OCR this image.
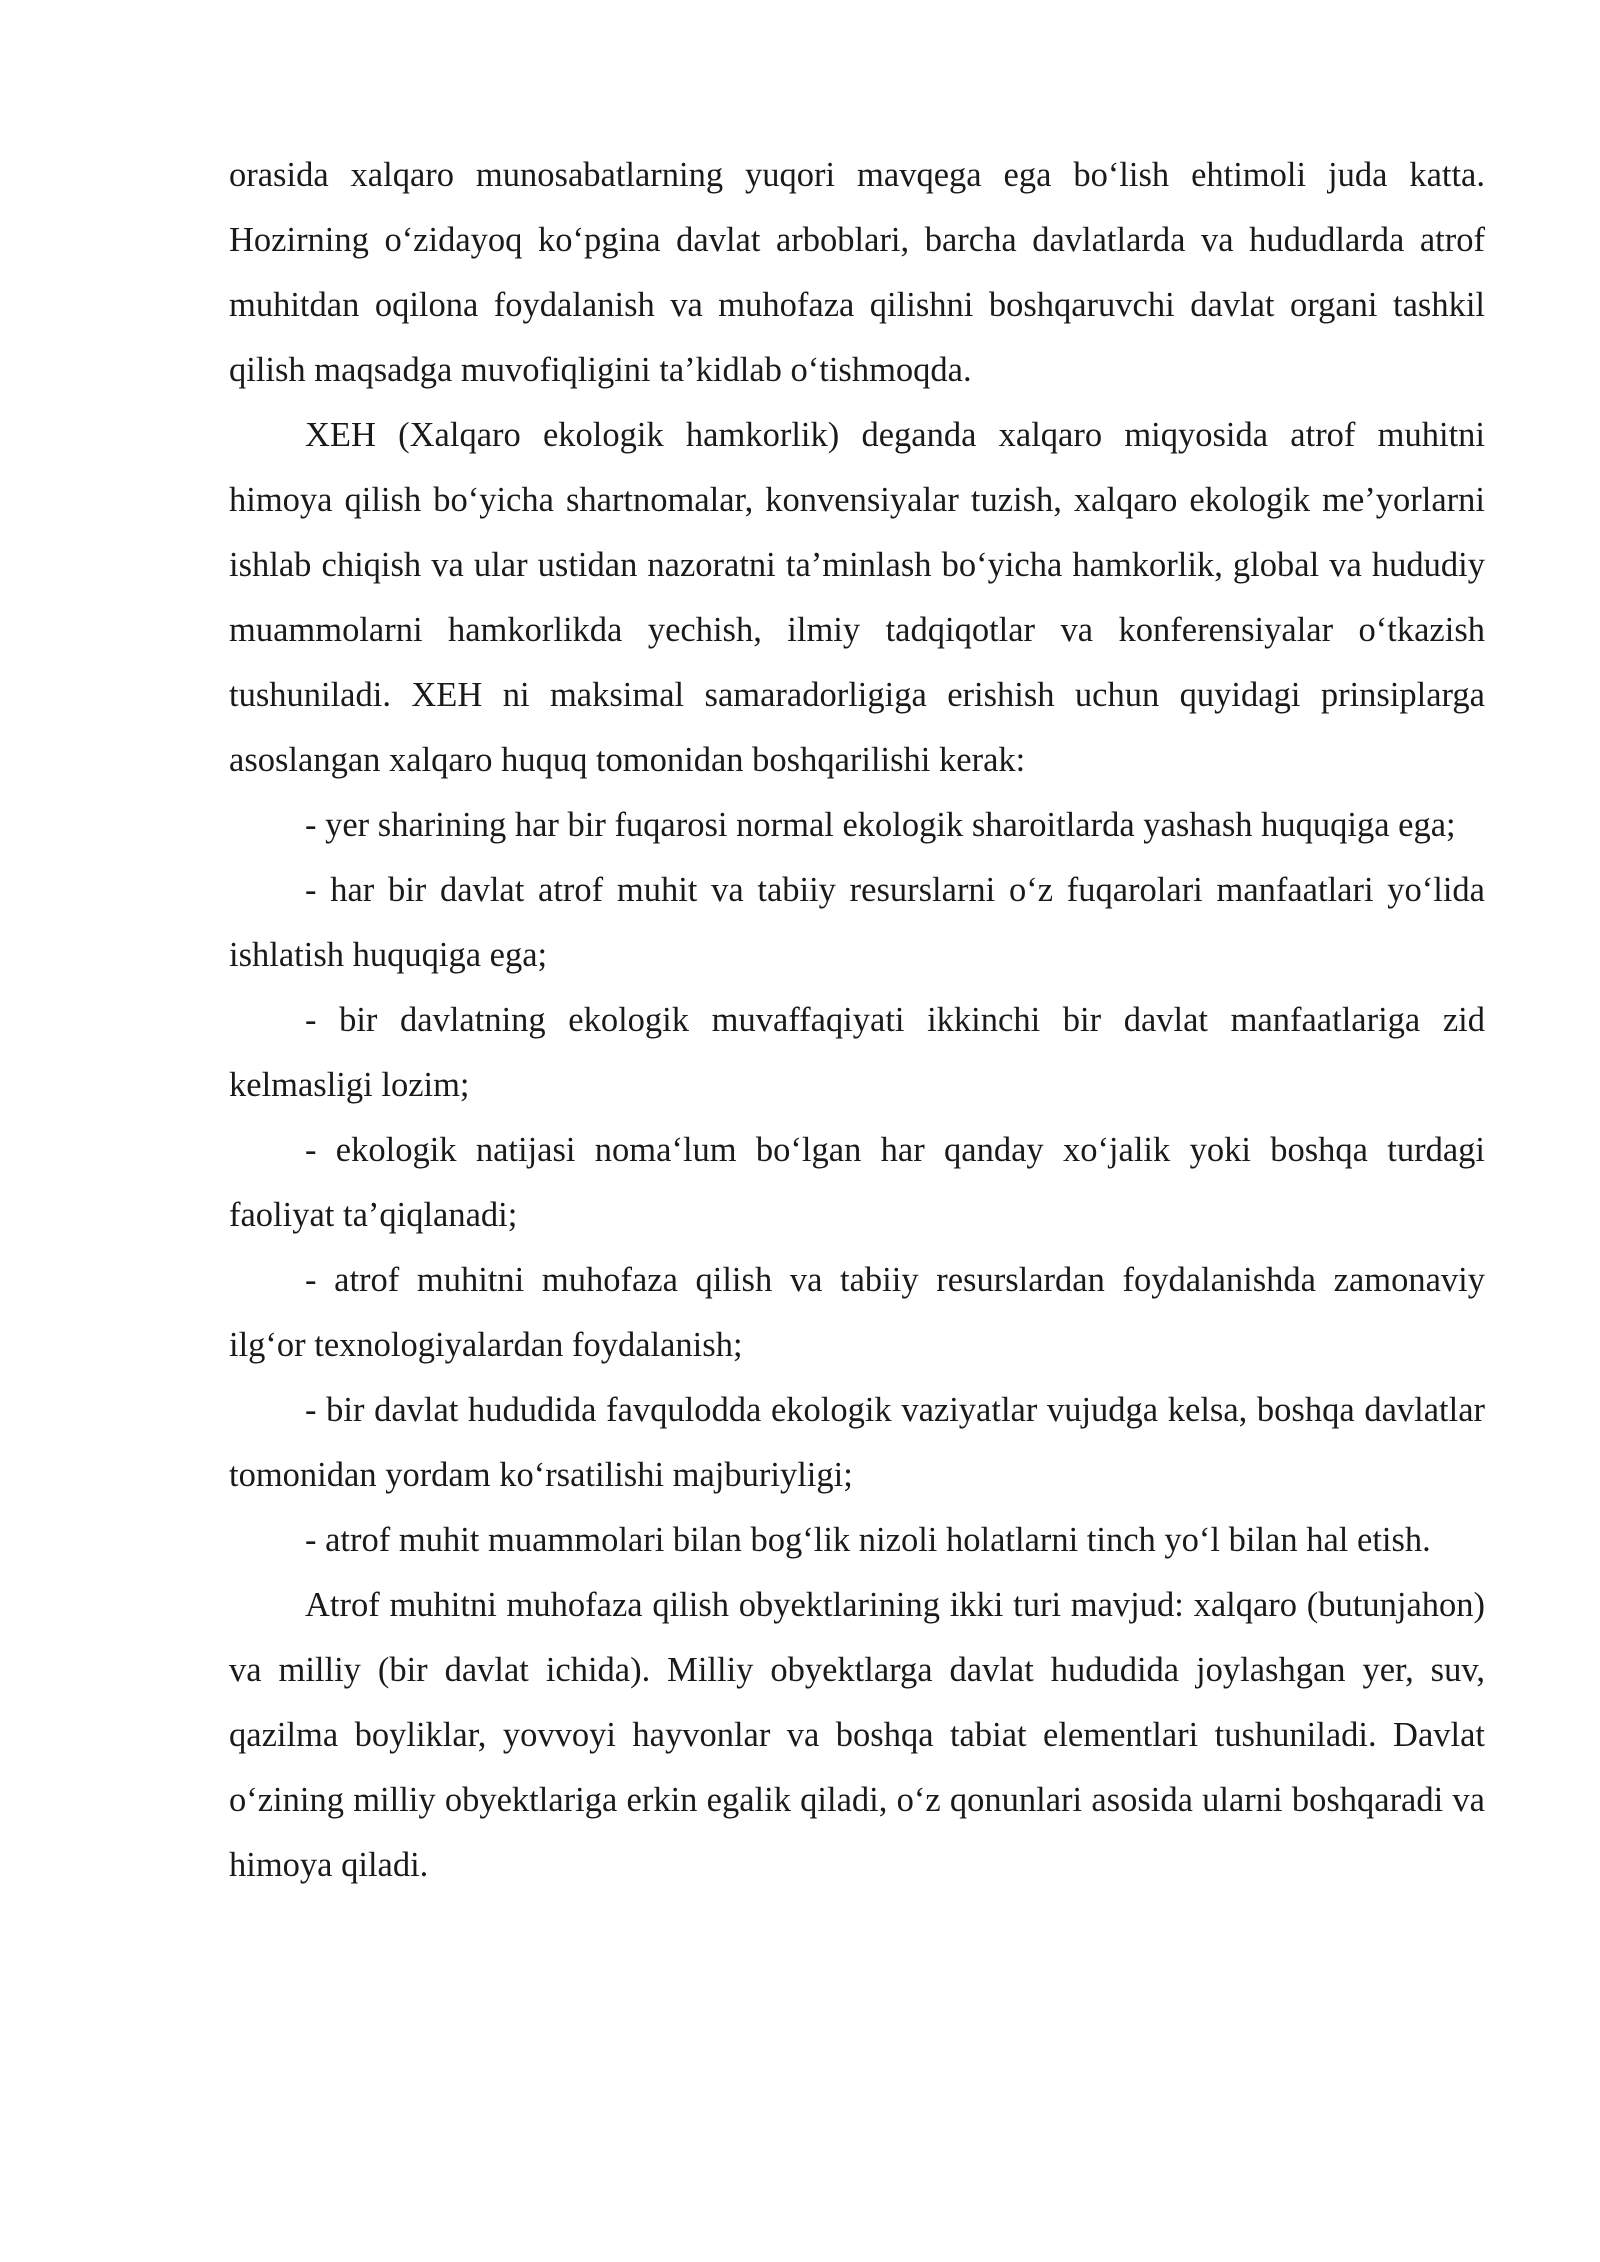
orasida xalqaro munosabatlarning yuqori mavqega ega bo‘lish ehtimoli juda katta. Hozirning o‘zidayoq ko‘pgina davlat arboblari, barcha davlatlarda va hududlarda atrof muhitdan oqilona foydalanish va muhofaza qilishni boshqaruvchi davlat organi tashkil qilish maqsadga muvofiqligini ta’kidlab o‘tishmoqda.

XEH (Xalqaro ekologik hamkorlik) deganda xalqaro miqyosida atrof muhitni himoya qilish bo‘yicha shartnomalar, konvensiyalar tuzish, xalqaro ekologik me’yorlarni ishlab chiqish va ular ustidan nazoratni ta’minlash bo‘yicha hamkorlik, global va hududiy muammolarni hamkorlikda yechish, ilmiy tadqiqotlar va konferensiyalar o‘tkazish tushuniladi. XEH ni maksimal samaradorligiga erishish uchun quyidagi prinsiplarga asoslangan xalqaro huquq tomonidan boshqarilishi kerak:

- yer sharining har bir fuqarosi normal ekologik sharoitlarda yashash huquqiga ega;

- har bir davlat atrof muhit va tabiiy resurslarni o‘z fuqarolari manfaatlari yo‘lida ishlatish huquqiga ega;

- bir davlatning ekologik muvaffaqiyati ikkinchi bir davlat manfaatlariga zid kelmasligi lozim;

- ekologik natijasi noma‘lum bo‘lgan har qanday xo‘jalik yoki boshqa turdagi faoliyat ta’qiqlanadi;

- atrof muhitni muhofaza qilish va tabiiy resurslardan foydalanishda zamonaviy ilg‘or texnologiyalardan foydalanish;

- bir davlat hududida favqulodda ekologik vaziyatlar vujudga kelsa, boshqa davlatlar tomonidan yordam ko‘rsatilishi majburiyligi;

- atrof muhit muammolari bilan bog‘lik nizoli holatlarni tinch yo‘l bilan hal etish.

Atrof muhitni muhofaza qilish obyektlarining ikki turi mavjud: xalqaro (butunjahon) va milliy (bir davlat ichida). Milliy obyektlarga davlat hududida joylashgan yer, suv, qazilma boyliklar, yovvoyi hayvonlar va boshqa tabiat elementlari tushuniladi. Davlat o‘zining milliy obyektlariga erkin egalik qiladi, o‘z qonunlari asosida ularni boshqaradi va himoya qiladi.
